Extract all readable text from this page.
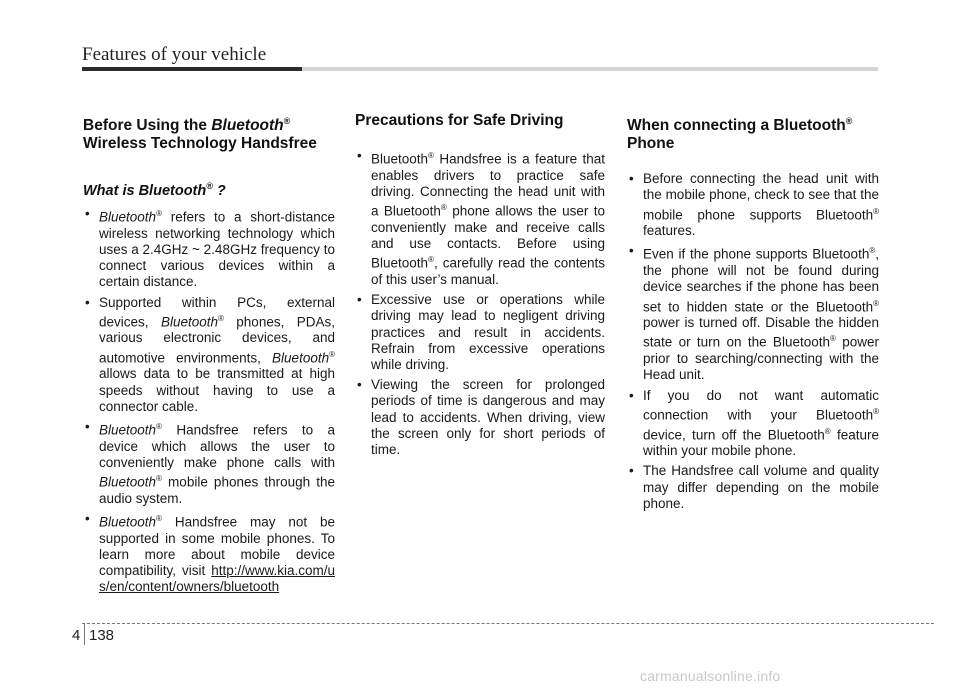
Features of your vehicle
Before Using the Bluetooth®
Wireless Technology Handsfree
What is Bluetooth® ?
• Bluetooth® refers to a short-distance wireless networking technology which uses a 2.4GHz ~ 2.48GHz frequency to connect various devices within a certain distance.
• Supported within PCs, external devices, Bluetooth® phones, PDAs, various electronic devices, and automotive environments, Bluetooth® allows data to be transmitted at high speeds without having to use a connector cable.
• Bluetooth® Handsfree refers to a device which allows the user to conveniently make phone calls with Bluetooth® mobile phones through the audio system.
• Bluetooth® Handsfree may not be supported in some mobile phones. To learn more about mobile device compatibility, visit http://www.kia.com/us/en/content/owners/bluetooth
Precautions for Safe Driving
• Bluetooth® Handsfree is a feature that enables drivers to practice safe driving. Connecting the head unit with a Bluetooth® phone allows the user to conveniently make and receive calls and use contacts. Before using Bluetooth®, carefully read the contents of this user’s manual.
• Excessive use or operations while driving may lead to negligent driving practices and result in accidents. Refrain from excessive operations while driving.
• Viewing the screen for prolonged periods of time is dangerous and may lead to accidents. When driving, view the screen only for short periods of time.
When connecting a Bluetooth®
Phone
• Before connecting the head unit with the mobile phone, check to see that the mobile phone supports Bluetooth® features.
• Even if the phone supports Bluetooth®, the phone will not be found during device searches if the phone has been set to hidden state or the Bluetooth® power is turned off. Disable the hidden state or turn on the Bluetooth® power prior to searching/connecting with the Head unit.
• If you do not want automatic connection with your Bluetooth® device, turn off the Bluetooth® feature within your mobile phone.
• The Handsfree call volume and quality may differ depending on the mobile phone.
4 138
carmanualsonline.info
